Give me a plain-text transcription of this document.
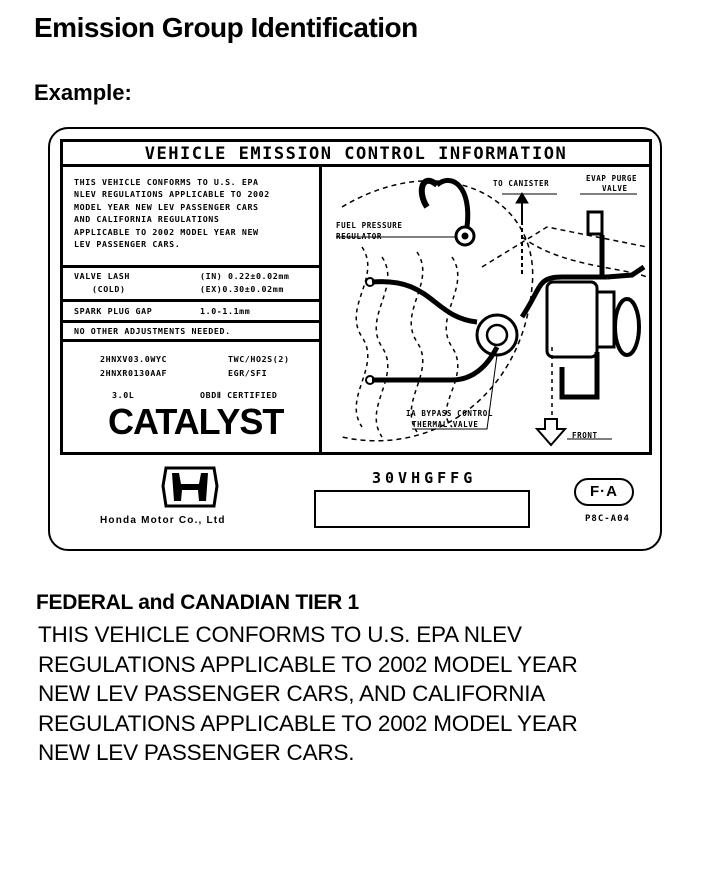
Emission Group Identification
Example:
VEHICLE EMISSION CONTROL INFORMATION
THIS VEHICLE CONFORMS TO U.S. EPA
NLEV REGULATIONS APPLICABLE TO 2002
MODEL YEAR NEW LEV PASSENGER CARS
AND CALIFORNIA REGULATIONS
APPLICABLE TO 2002 MODEL YEAR NEW
LEV PASSENGER CARS.
VALVE LASH
(COLD)
(IN) 0.22±0.02mm
(EX)0.30±0.02mm
SPARK PLUG GAP	1.0-1.1mm
NO OTHER ADJUSTMENTS NEEDED.
2HNXV03.0WYC
2HNXR0130AAF
TWC/HO2S(2)
EGR/SFI
3.0L	OBDⅡ CERTIFIED
CATALYST
TO CANISTER
EVAP PURGE
VALVE
FUEL PRESSURE
REGULATOR
IA BYPASS CONTROL
THERMAL VALVE
FRONT
Honda Motor Co., Ltd
30VHGFFG
F·A
P8C-A04
FEDERAL and CANADIAN TIER 1
THIS VEHICLE CONFORMS TO U.S. EPA NLEV
REGULATIONS APPLICABLE TO 2002 MODEL YEAR
NEW LEV PASSENGER CARS, AND CALIFORNIA
REGULATIONS APPLICABLE TO 2002 MODEL YEAR
NEW LEV PASSENGER CARS.
